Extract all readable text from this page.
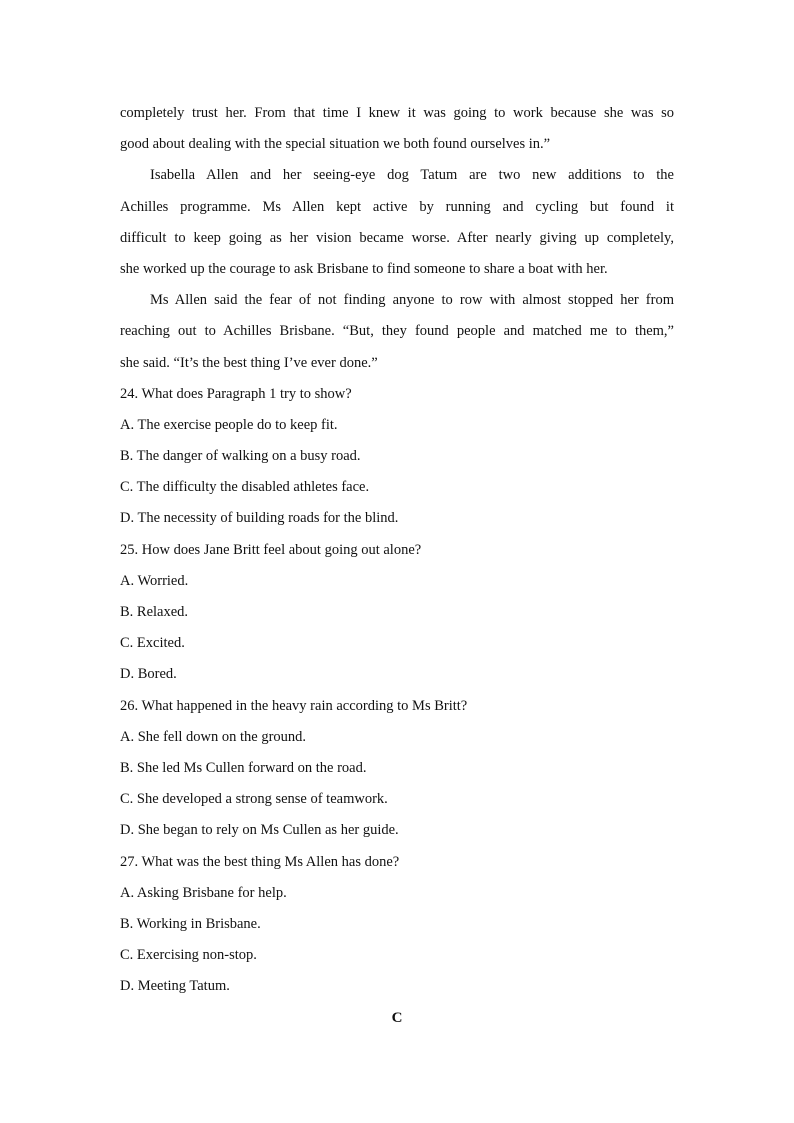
completely trust her. From that time I knew it was going to work because she was so
good about dealing with the special situation we both found ourselves in.”
Isabella Allen and her seeing-eye dog Tatum are two new additions to the
Achilles programme. Ms Allen kept active by running and cycling but found it
difficult to keep going as her vision became worse. After nearly giving up completely,
she worked up the courage to ask Brisbane to find someone to share a boat with her.
Ms Allen said the fear of not finding anyone to row with almost stopped her from
reaching out to Achilles Brisbane. “But, they found people and matched me to them,”
she said. “It’s the best thing I’ve ever done.”
24. What does Paragraph 1 try to show?
A. The exercise people do to keep fit.
B. The danger of walking on a busy road.
C. The difficulty the disabled athletes face.
D. The necessity of building roads for the blind.
25. How does Jane Britt feel about going out alone?
A. Worried.
B. Relaxed.
C. Excited.
D. Bored.
26. What happened in the heavy rain according to Ms Britt?
A. She fell down on the ground.
B. She led Ms Cullen forward on the road.
C. She developed a strong sense of teamwork.
D. She began to rely on Ms Cullen as her guide.
27. What was the best thing Ms Allen has done?
A. Asking Brisbane for help.
B. Working in Brisbane.
C. Exercising non-stop.
D. Meeting Tatum.
C
